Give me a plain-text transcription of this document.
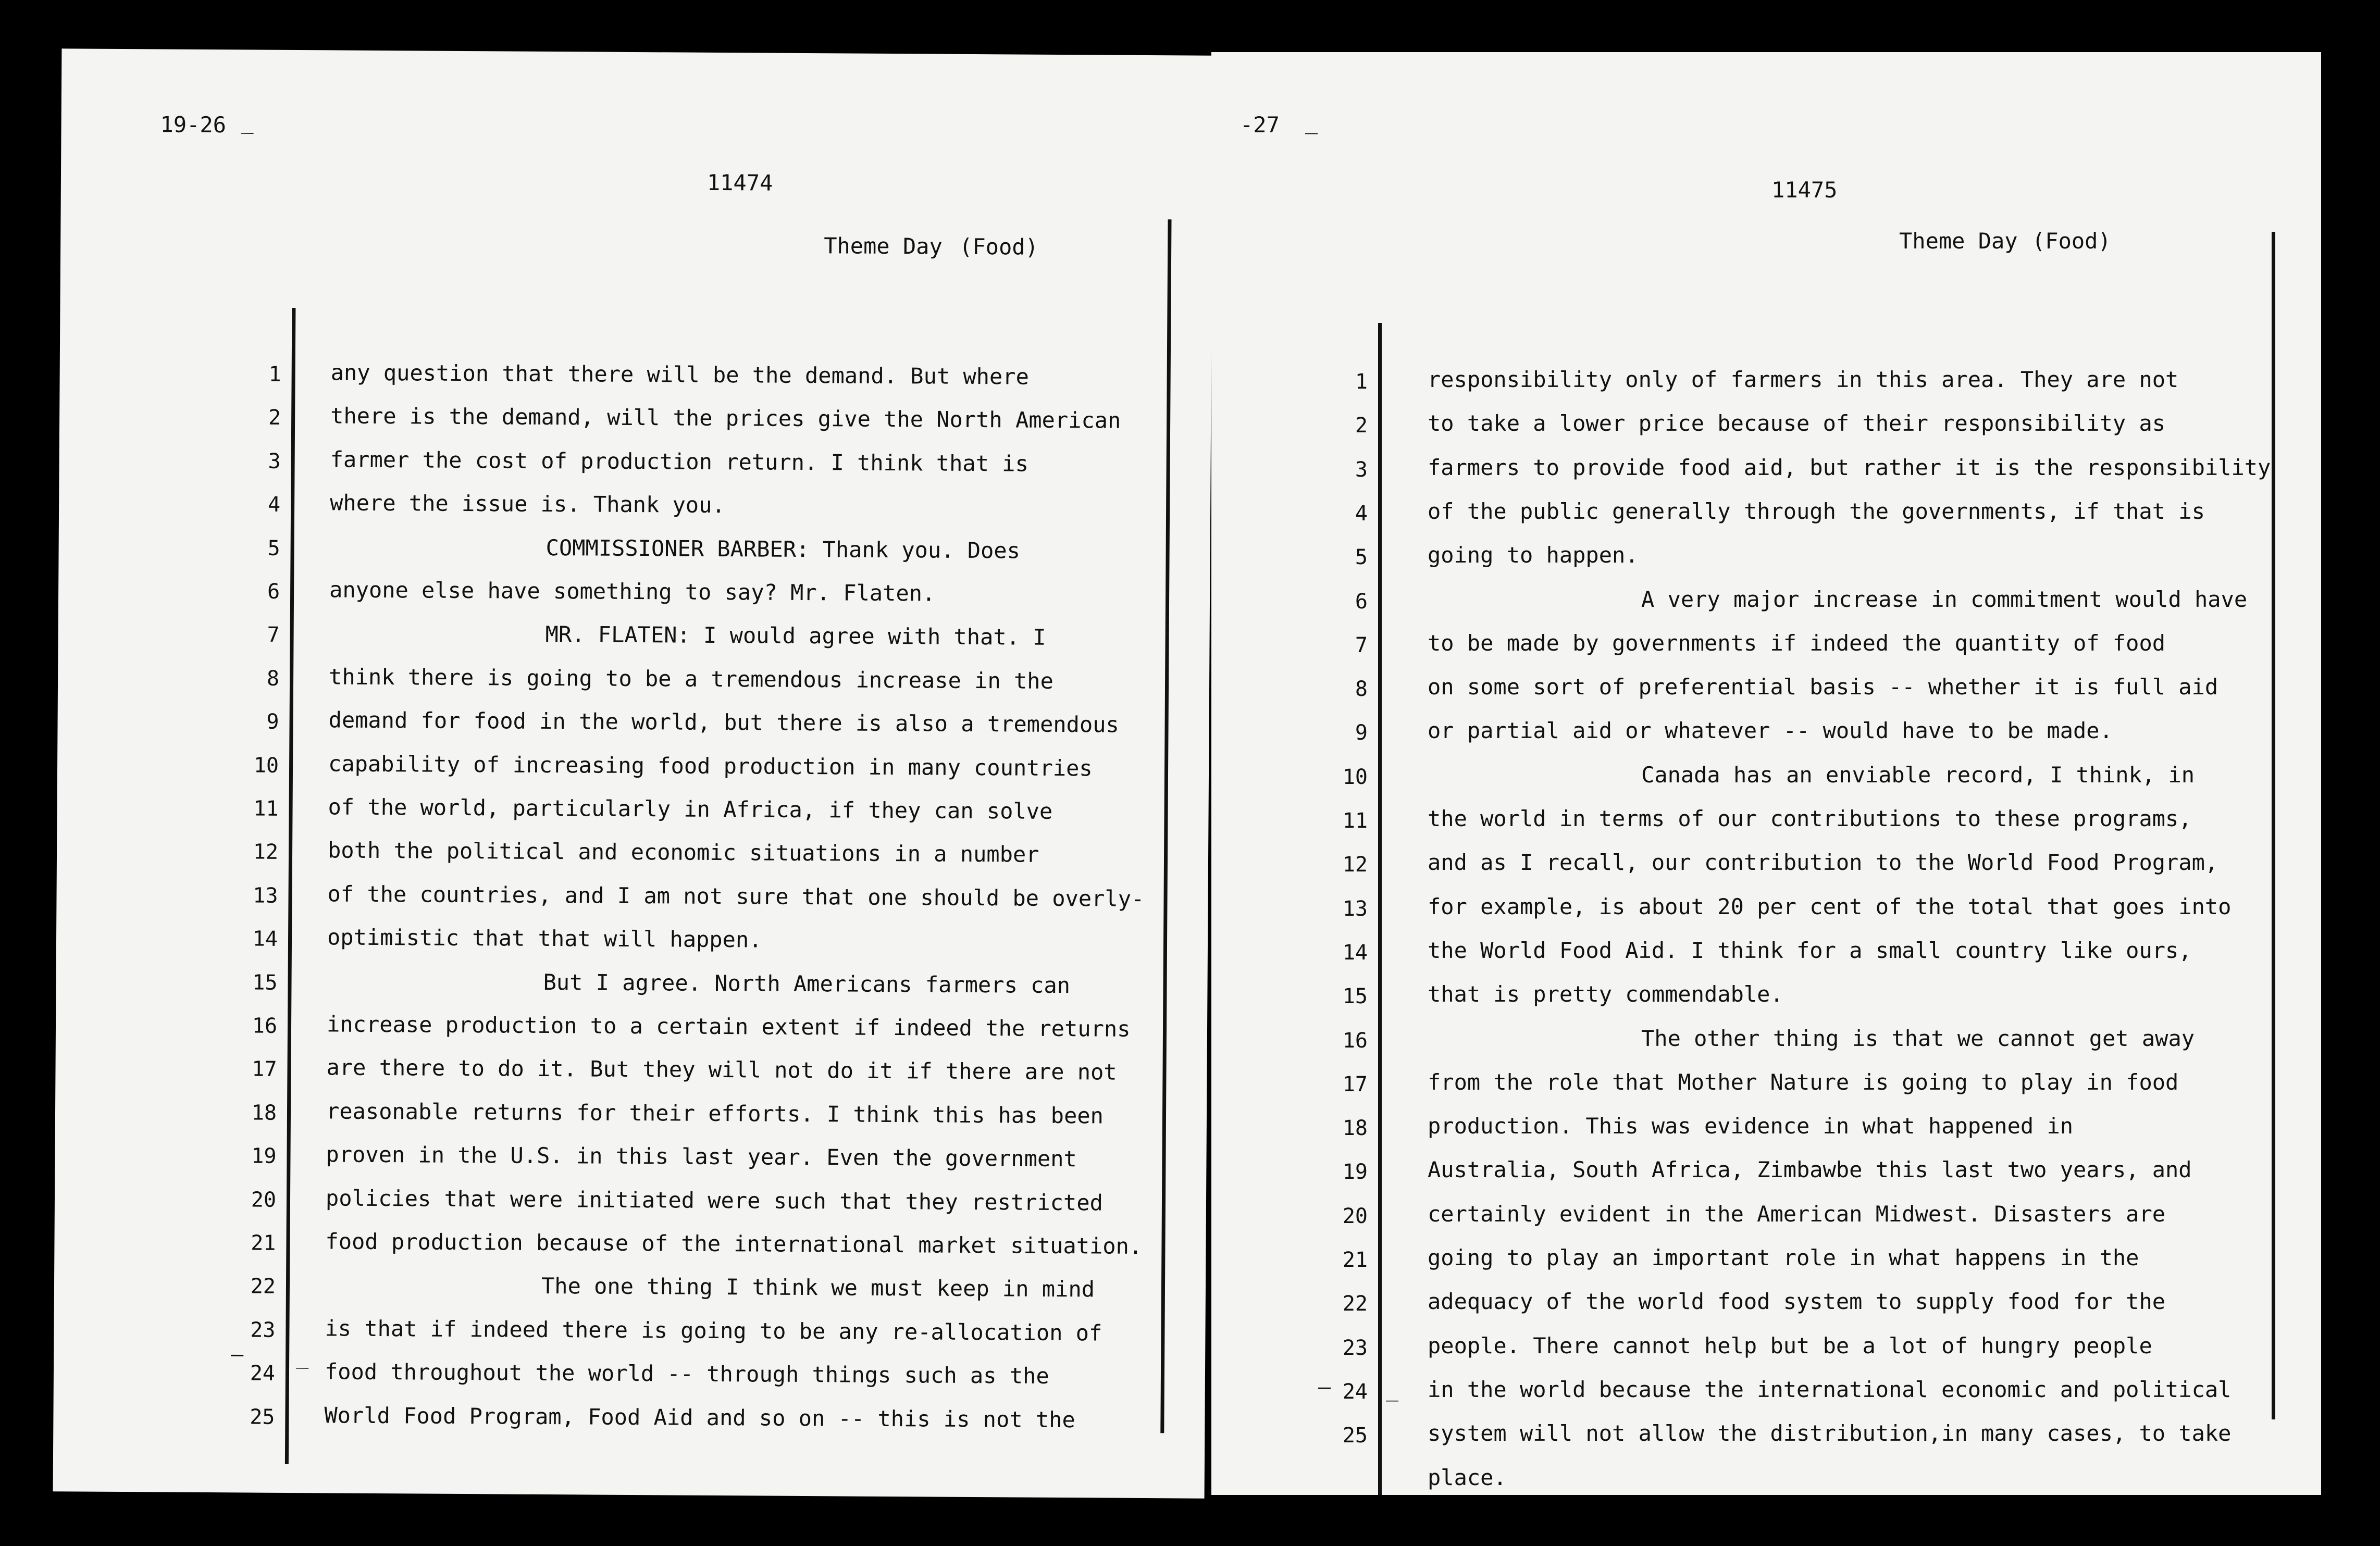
19-26 _
11474
Theme Day (Food)
1 any question that there will be the demand. But where
2 there is the demand, will the prices give the North American
3 farmer the cost of production return. I think that is
4 where the issue is. Thank you.
5	COMMISSIONER BARBER: Thank you. Does
6 anyone else have something to say? Mr. Flaten.
7	MR. FLATEN: I would agree with that. I
8 think there is going to be a tremendous increase in the
9 demand for food in the world, but there is also a tremendous
10 capability of increasing food production in many countries
11 of the world, particularly in Africa, if they can solve
12 both the political and economic situations in a number
13 of the countries, and I am not sure that one should be overly-
14 optimistic that that will happen.
15	But I agree. North Americans farmers can
16 increase production to a certain extent if indeed the returns
17 are there to do it. But they will not do it if there are not
18 reasonable returns for their efforts. I think this has been
19 proven in the U.S. in this last year. Even the government
20 policies that were initiated were such that they restricted
21 food production because of the international market situation.
22	The one thing I think we must keep in mind
23 is that if indeed there is going to be any re-allocation of
24 food throughout the world -- through things such as the
25 World Food Program, Food Aid and so on -- this is not the
—	_
-27 _
11475
Theme Day (Food)
1	responsibility only of farmers in this area. They are not
2	to take a lower price because of their responsibility as
3	farmers to provide food aid, but rather it is the responsibility
4	of the public generally through the governments, if that is
5	going to happen.
6	A very major increase in commitment would have
7	to be made by governments if indeed the quantity of food
8	on some sort of preferential basis -- whether it is full aid
9	or partial aid or whatever -- would have to be made.
10	Canada has an enviable record, I think, in
11	the world in terms of our contributions to these programs,
12	and as I recall, our contribution to the World Food Program,
13	for example, is about 20 per cent of the total that goes into
14	the World Food Aid. I think for a small country like ours,
15	that is pretty commendable.
16	The other thing is that we cannot get away
17	from the role that Mother Nature is going to play in food
18	production. This was evidence in what happened in
19	Australia, South Africa, Zimbawbe this last two years, and
20	certainly evident in the American Midwest. Disasters are
21	going to play an important role in what happens in the
22	adequacy of the world food system to supply food for the
23	people. There cannot help but be a lot of hungry people
24	in the world because the international economic and political
25	system will not allow the distribution,in many cases, to take
place.
—	_
